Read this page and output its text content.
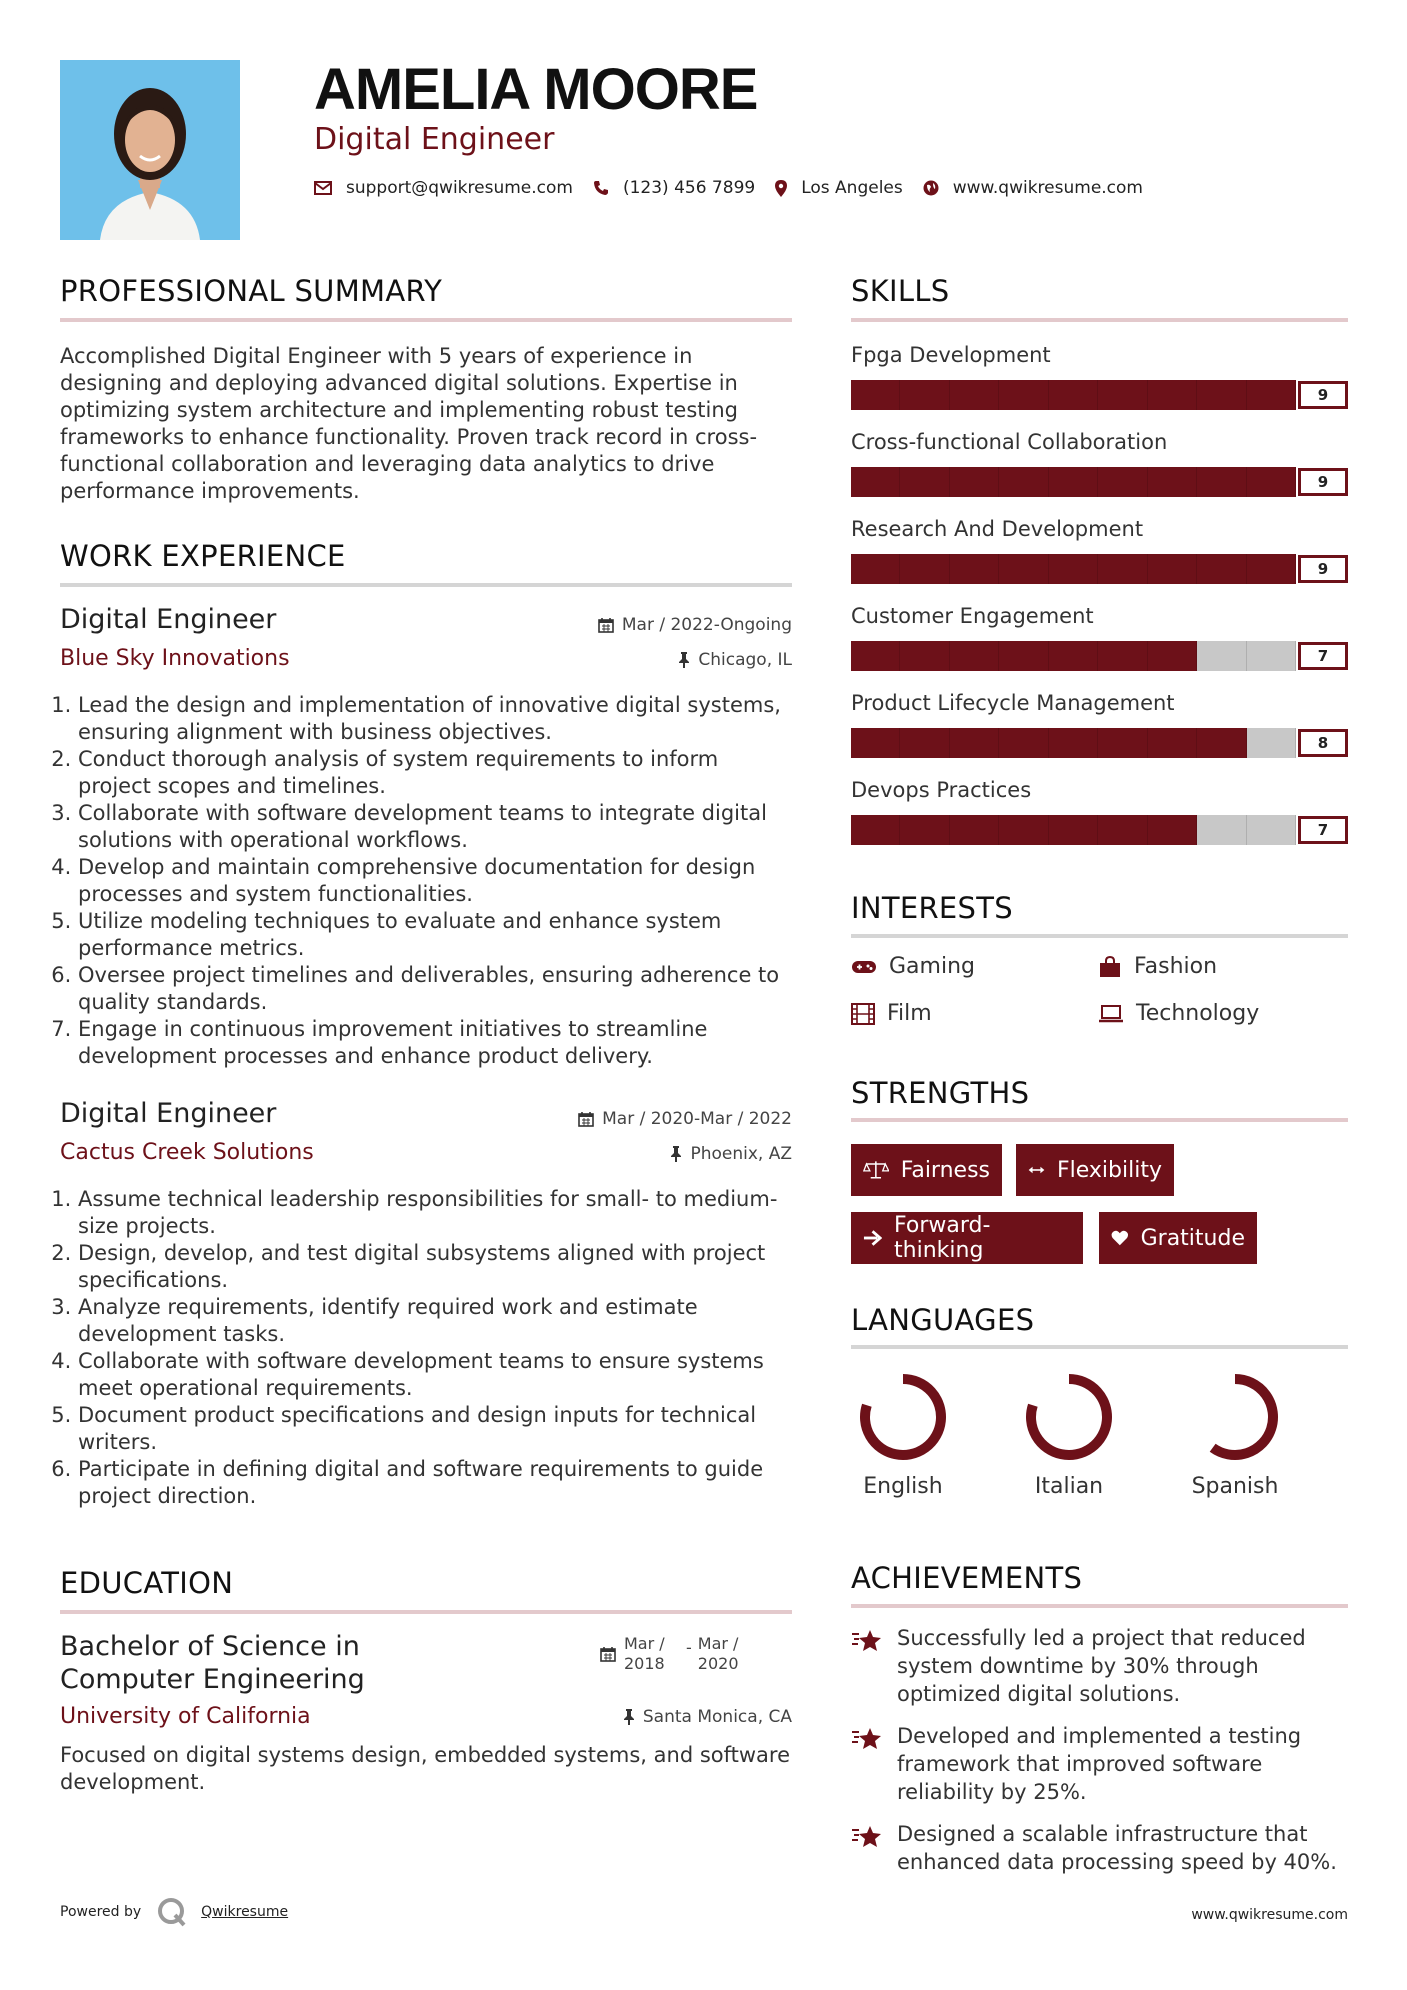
AMELIA MOORE
Digital Engineer
support@qwikresume.com	(123) 456 7899	Los Angeles	www.qwikresume.com
PROFESSIONAL SUMMARY
Accomplished Digital Engineer with 5 years of experience in designing and deploying advanced digital solutions. Expertise in optimizing system architecture and implementing robust testing frameworks to enhance functionality. Proven track record in cross-functional collaboration and leveraging data analytics to drive performance improvements.
WORK EXPERIENCE
Digital Engineer	Mar / 2022-Ongoing
Blue Sky Innovations	Chicago, IL
1. Lead the design and implementation of innovative digital systems, ensuring alignment with business objectives.
2. Conduct thorough analysis of system requirements to inform project scopes and timelines.
3. Collaborate with software development teams to integrate digital solutions with operational workflows.
4. Develop and maintain comprehensive documentation for design processes and system functionalities.
5. Utilize modeling techniques to evaluate and enhance system performance metrics.
6. Oversee project timelines and deliverables, ensuring adherence to quality standards.
7. Engage in continuous improvement initiatives to streamline development processes and enhance product delivery.
Digital Engineer	Mar / 2020-Mar / 2022
Cactus Creek Solutions	Phoenix, AZ
1. Assume technical leadership responsibilities for small- to medium-size projects.
2. Design, develop, and test digital subsystems aligned with project specifications.
3. Analyze requirements, identify required work and estimate development tasks.
4. Collaborate with software development teams to ensure systems meet operational requirements.
5. Document product specifications and design inputs for technical writers.
6. Participate in defining digital and software requirements to guide project direction.
EDUCATION
Bachelor of Science in Computer Engineering
Mar / 2018
- Mar / 2020
University of California	Santa Monica, CA
Focused on digital systems design, embedded systems, and software development.
SKILLS
Fpga Development
9
Cross-functional Collaboration
9
Research And Development
9
Customer Engagement
7
Product Lifecycle Management
8
Devops Practices
7
INTERESTS
Gaming	Fashion
Film	Technology
STRENGTHS
Fairness	Flexibility
Forward-thinking	Gratitude
LANGUAGES
English	Italian	Spanish
ACHIEVEMENTS
Successfully led a project that reduced system downtime by 30% through optimized digital solutions.
Developed and implemented a testing framework that improved software reliability by 25%.
Designed a scalable infrastructure that enhanced data processing speed by 40%.
Powered by	Qwikresume	www.qwikresume.com
